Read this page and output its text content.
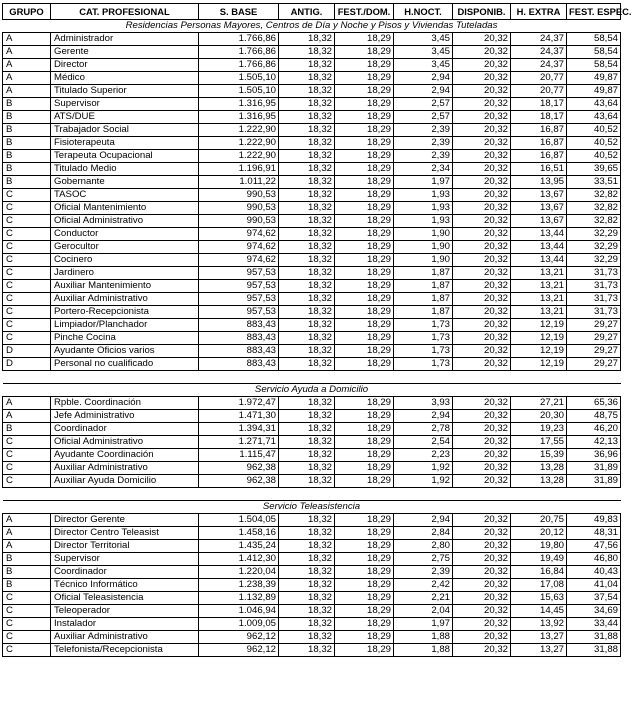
GRUPO	CAT. PROFESIONAL	S. BASE	ANTIG.	FEST./DOM.	H.NOCT.	DISPONIB.	H. EXTRA	FEST. ESPEC.
Residencias Personas Mayores, Centros de Día y Noche y Pisos y Viviendas Tuteladas								
A	Administrador	1.766,86	18,32	18,29	3,45	20,32	24,37	58,54
A	Gerente	1.766,86	18,32	18,29	3,45	20,32	24,37	58,54
A	Director	1.766,86	18,32	18,29	3,45	20,32	24,37	58,54
A	Médico	1.505,10	18,32	18,29	2,94	20,32	20,77	49,87
A	Titulado Superior	1.505,10	18,32	18,29	2,94	20,32	20,77	49,87
B	Supervisor	1.316,95	18,32	18,29	2,57	20,32	18,17	43,64
B	ATS/DUE	1.316,95	18,32	18,29	2,57	20,32	18,17	43,64
B	Trabajador Social	1.222,90	18,32	18,29	2,39	20,32	16,87	40,52
B	Fisioterapeuta	1.222,90	18,32	18,29	2,39	20,32	16,87	40,52
B	Terapeuta Ocupacional	1.222,90	18,32	18,29	2,39	20,32	16,87	40,52
B	Titulado Medio	1.196,91	18,32	18,29	2,34	20,32	16,51	39,65
B	Gobernante	1.011,22	18,32	18,29	1,97	20,32	13,95	33,51
C	TASOC	990,53	18,32	18,29	1,93	20,32	13,67	32,82
C	Oficial Mantenimiento	990,53	18,32	18,29	1,93	20,32	13,67	32,82
C	Oficial Administrativo	990,53	18,32	18,29	1,93	20,32	13,67	32,82
C	Conductor	974,62	18,32	18,29	1,90	20,32	13,44	32,29
C	Gerocultor	974,62	18,32	18,29	1,90	20,32	13,44	32,29
C	Cocinero	974,62	18,32	18,29	1,90	20,32	13,44	32,29
C	Jardinero	957,53	18,32	18,29	1,87	20,32	13,21	31,73
C	Auxiliar Mantenimiento	957,53	18,32	18,29	1,87	20,32	13,21	31,73
C	Auxiliar Administrativo	957,53	18,32	18,29	1,87	20,32	13,21	31,73
C	Portero-Recepcionista	957,53	18,32	18,29	1,87	20,32	13,21	31,73
C	Limpiador/Planchador	883,43	18,32	18,29	1,73	20,32	12,19	29,27
C	Pinche Cocina	883,43	18,32	18,29	1,73	20,32	12,19	29,27
D	Ayudante Oficios varios	883,43	18,32	18,29	1,73	20,32	12,19	29,27
D	Personal no cualificado	883,43	18,32	18,29	1,73	20,32	12,19	29,27

Servicio Ayuda a Domicilio								
A	Rpble. Coordinación	1.972,47	18,32	18,29	3,93	20,32	27,21	65,36
A	Jefe Administrativo	1.471,30	18,32	18,29	2,94	20,32	20,30	48,75
B	Coordinador	1.394,31	18,32	18,29	2,78	20,32	19,23	46,20
C	Oficial Administrativo	1.271,71	18,32	18,29	2,54	20,32	17,55	42,13
C	Ayudante Coordinación	1.115,47	18,32	18,29	2,23	20,32	15,39	36,96
C	Auxiliar Administrativo	962,38	18,32	18,29	1,92	20,32	13,28	31,89
C	Auxiliar Ayuda Domicilio	962,38	18,32	18,29	1,92	20,32	13,28	31,89

Servicio Teleasistencia								
A	Director Gerente	1.504,05	18,32	18,29	2,94	20,32	20,75	49,83
A	Director Centro Teleasist	1.458,16	18,32	18,29	2,84	20,32	20,12	48,31
A	Director Territorial	1.435,24	18,32	18,29	2,80	20,32	19,80	47,56
B	Supervisor	1.412,30	18,32	18,29	2,75	20,32	19,49	46,80
B	Coordinador	1.220,04	18,32	18,29	2,39	20,32	16,84	40,43
B	Técnico Informático	1.238,39	18,32	18,29	2,42	20,32	17,08	41,04
C	Oficial Teleasistencia	1.132,89	18,32	18,29	2,21	20,32	15,63	37,54
C	Teleoperador	1.046,94	18,32	18,29	2,04	20,32	14,45	34,69
C	Instalador	1.009,05	18,32	18,29	1,97	20,32	13,92	33,44
C	Auxiliar Administrativo	962,12	18,32	18,29	1,88	20,32	13,27	31,88
C	Telefonista/Recepcionista	962,12	18,32	18,29	1,88	20,32	13,27	31,88
